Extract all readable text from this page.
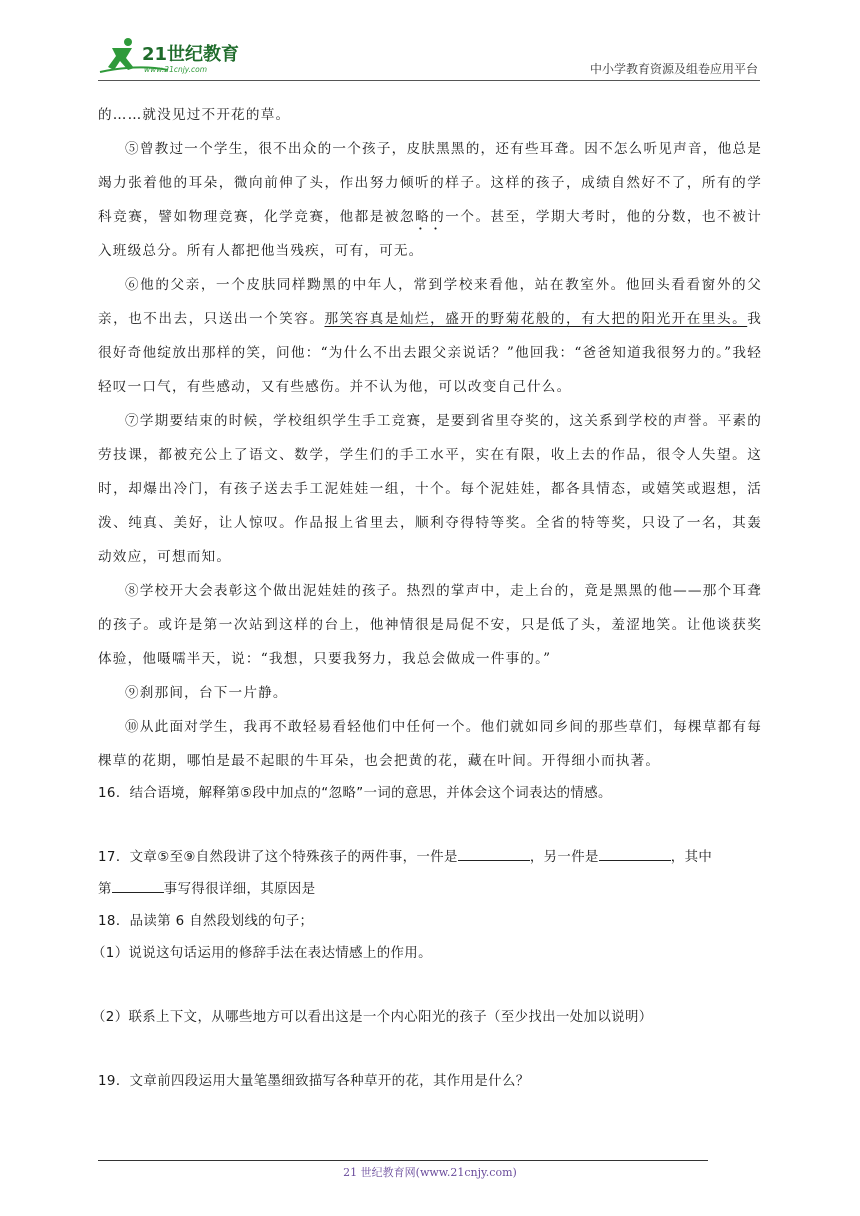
21世纪教育
www.21cnjy.com	中小学教育资源及组卷应用平台

的……就没见过不开花的草。

⑤曾教过一个学生，很不出众的一个孩子，皮肤黑黑的，还有些耳聋。因不怎么听见声音，他总是竭力张着他的耳朵，微向前伸了头，作出努力倾听的样子。这样的孩子，成绩自然好不了，所有的学科竞赛，譬如物理竞赛，化学竞赛，他都是被忽略的一个。甚至，学期大考时，他的分数，也不被计入班级总分。所有人都把他当残疾，可有，可无。

⑥他的父亲，一个皮肤同样黝黑的中年人，常到学校来看他，站在教室外。他回头看看窗外的父亲，也不出去，只送出一个笑容。那笑容真是灿烂，盛开的野菊花般的，有大把的阳光开在里头。我很好奇他绽放出那样的笑，问他：“为什么不出去跟父亲说话？”他回我：“爸爸知道我很努力的。”我轻轻叹一口气，有些感动，又有些感伤。并不认为他，可以改变自己什么。

⑦学期要结束的时候，学校组织学生手工竞赛，是要到省里夺奖的，这关系到学校的声誉。平素的劳技课，都被充公上了语文、数学，学生们的手工水平，实在有限，收上去的作品，很令人失望。这时，却爆出冷门，有孩子送去手工泥娃娃一组，十个。每个泥娃娃，都各具情态，或嬉笑或遐想，活泼、纯真、美好，让人惊叹。作品报上省里去，顺利夺得特等奖。全省的特等奖，只设了一名，其轰动效应，可想而知。

⑧学校开大会表彰这个做出泥娃娃的孩子。热烈的掌声中，走上台的，竟是黑黑的他——那个耳聋的孩子。或许是第一次站到这样的台上，他神情很是局促不安，只是低了头，羞涩地笑。让他谈获奖体验，他嗫嚅半天，说：“我想，只要我努力，我总会做成一件事的。”

⑨刹那间，台下一片静。

⑩从此面对学生，我再不敢轻易看轻他们中任何一个。他们就如同乡间的那些草们，每棵草都有每棵草的花期，哪怕是最不起眼的牛耳朵，也会把黄的花，藏在叶间。开得细小而执著。

16．结合语境，解释第⑤段中加点的“忽略”一词的意思，并体会这个词表达的情感。

17．文章⑤至⑨自然段讲了这个特殊孩子的两件事，一件是	，另一件是	，其中
第	事写得很详细，其原因是

18．品读第 6 自然段划线的句子；

（1）说说这句话运用的修辞手法在表达情感上的作用。

（2）联系上下文，从哪些地方可以看出这是一个内心阳光的孩子（至少找出一处加以说明）

19．文章前四段运用大量笔墨细致描写各种草开的花，其作用是什么？

21 世纪教育网(www.21cnjy.com)
